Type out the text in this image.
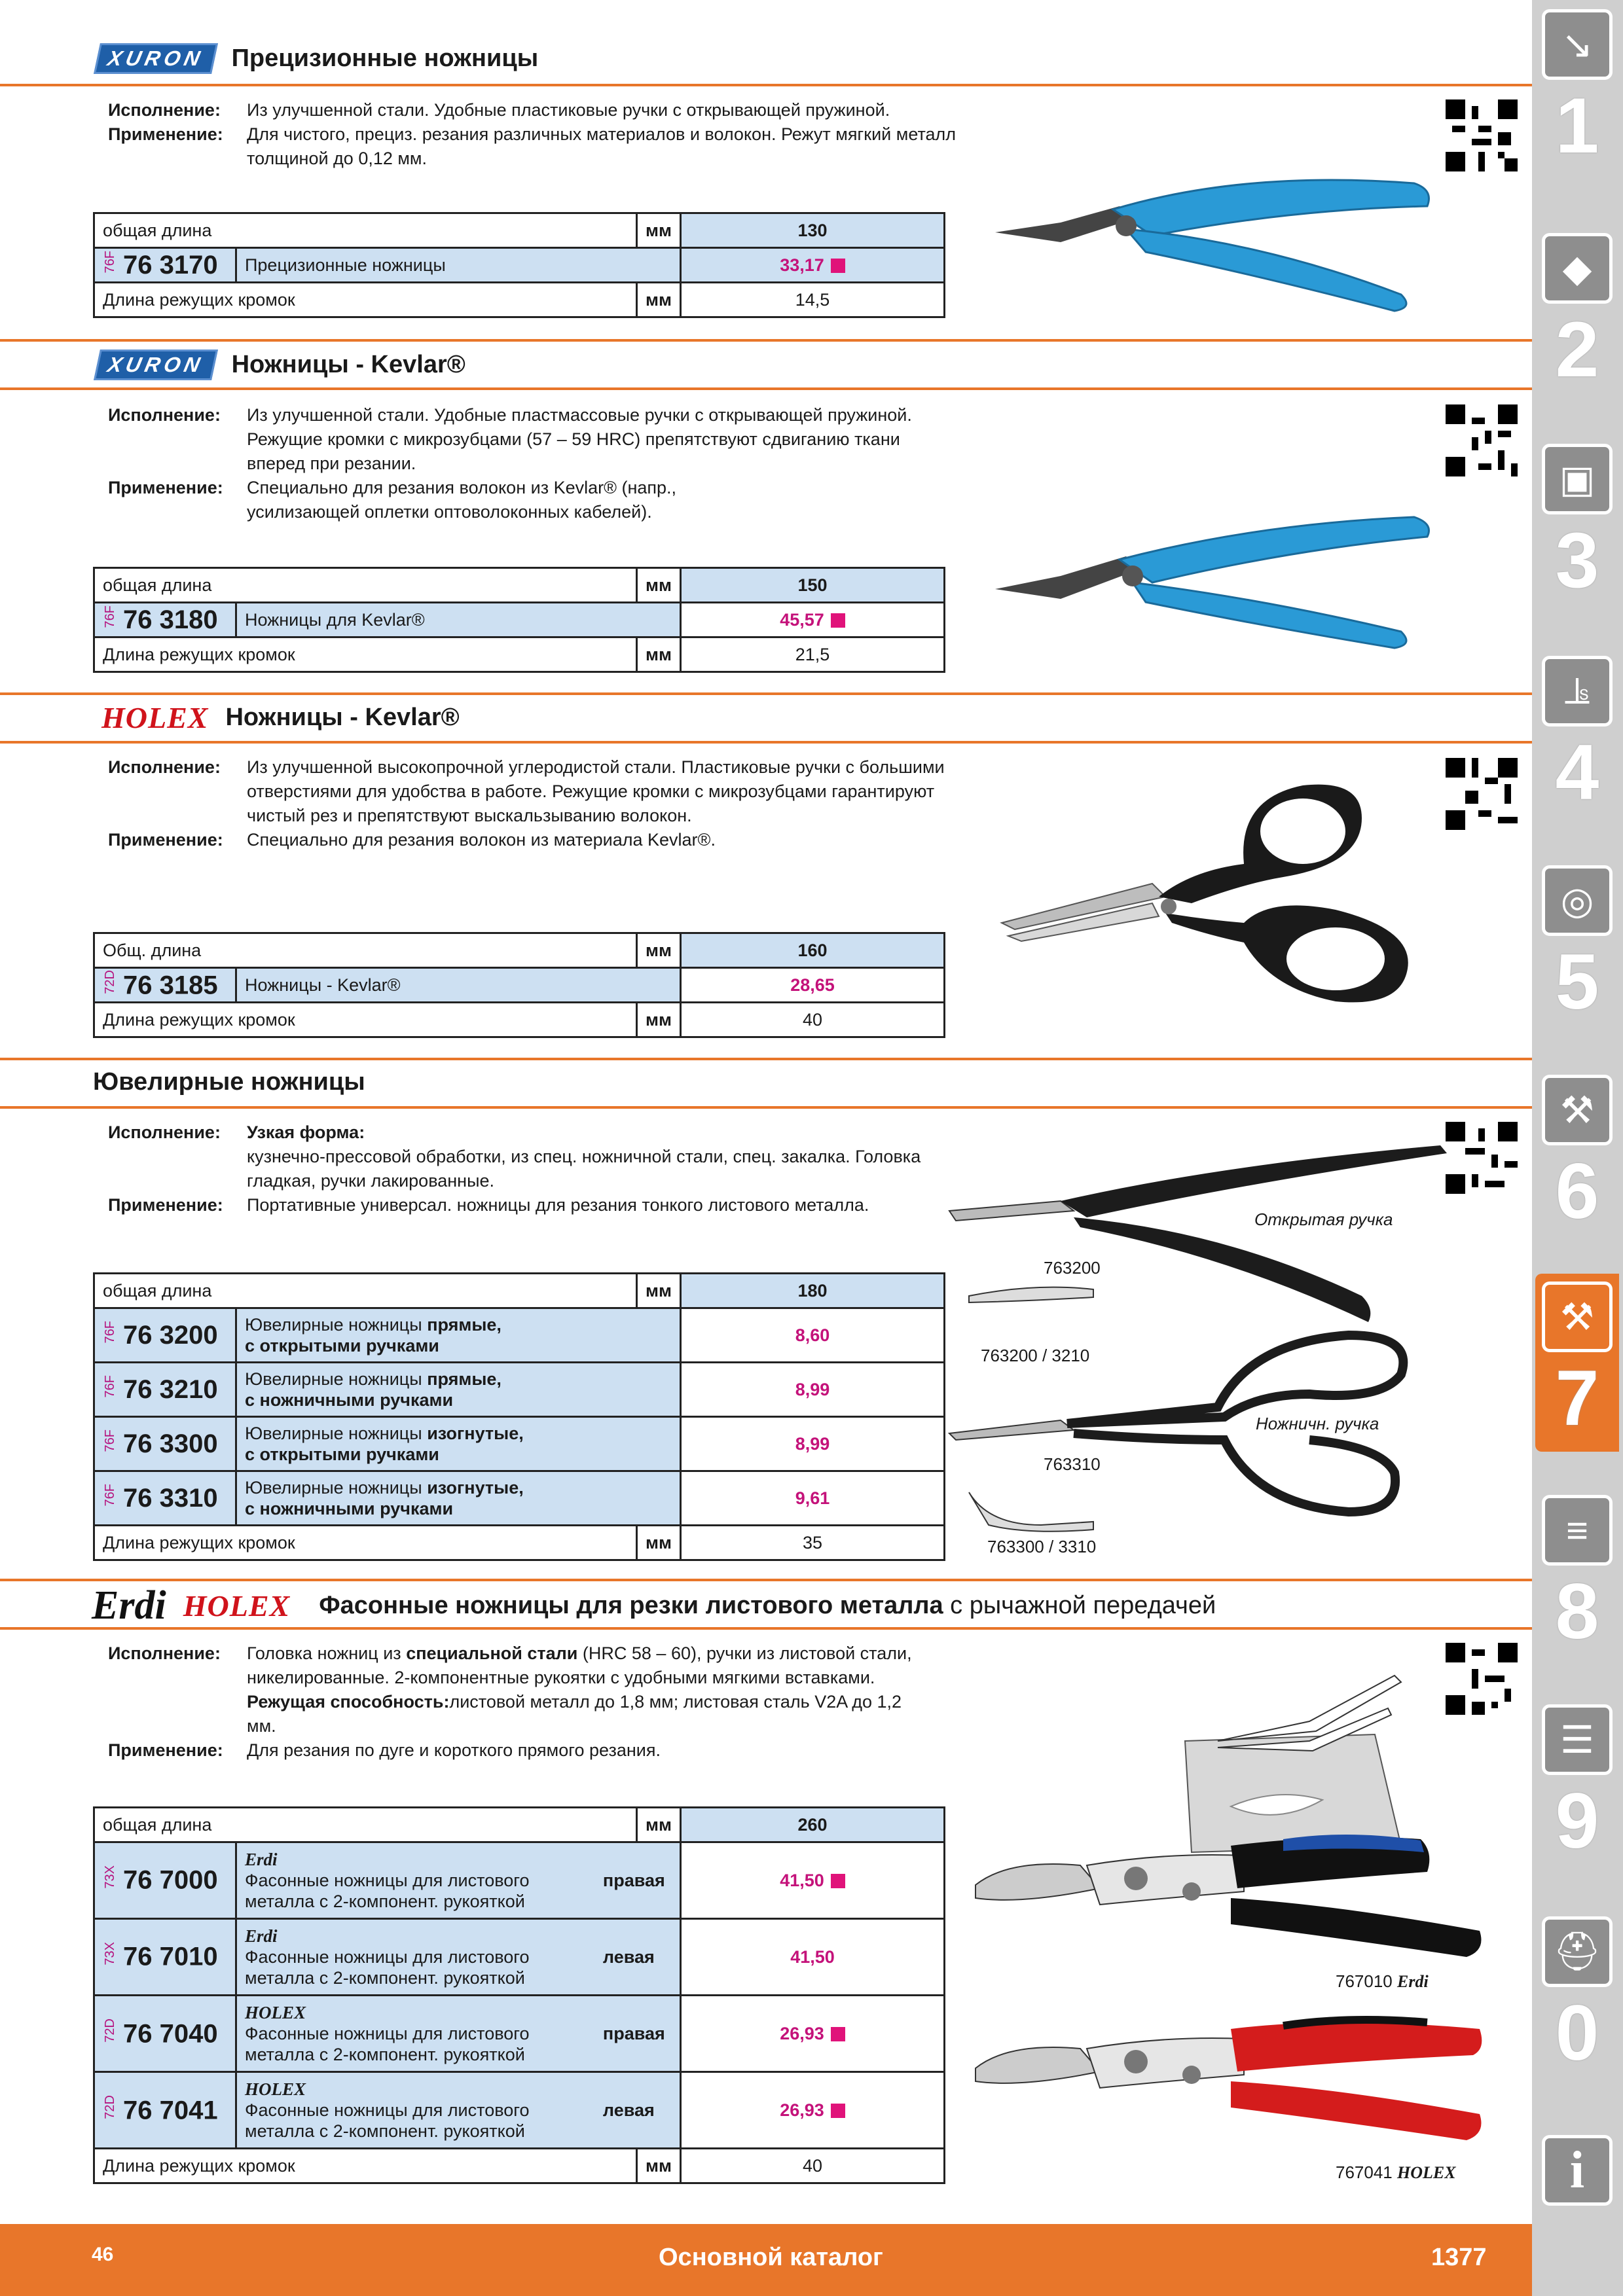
XURON	Прецизионные ножницы
Исполнение:	Из улучшенной стали. Удобные пластиковые ручки с открывающей пружиной.
Применение:	Для чистого, прециз. резания различных материалов и волокон. Режут мягкий металл толщиной до 0,12 мм.
общая длина		мм	130
76F 76 3170	Прецизионные ножницы		33,17
Длина режущих кромок		мм	14,5
XURON	Ножницы - Kevlar®
Исполнение:	Из улучшенной стали. Удобные пластмассовые ручки с открывающей пружиной. Режущие кромки с микрозубцами (57 – 59 HRC) препятствуют сдвиганию ткани вперед при резании.
Применение:	Специально для резания волокон из Kevlar® (напр., усилизающей оплетки оптоволоконных кабелей).
общая длина		мм	150
76F 76 3180	Ножницы для Kevlar®		45,57
Длина режущих кромок		мм	21,5
HOLEX Ножницы - Kevlar®
Исполнение:	Из улучшенной высокопрочной углеродистой стали. Пластиковые ручки с большими отверстиями для удобства в работе. Режущие кромки с микрозубцами гарантируют чистый рез и препятствуют выскальзыванию волокон.
Применение:	Специально для резания волокон из материала Kevlar®.
Общ. длина		мм	160
72D 76 3185	Ножницы - Kevlar®		28,65
Длина режущих кромок		мм	40
Ювелирные ножницы
Исполнение:	Узкая форма:
кузнечно-прессовой обработки, из спец. ножничной стали, спец. закалка. Головка гладкая, ручки лакированные.
Применение:	Портативные универсал. ножницы для резания тонкого листового металла.
Открытая ручка
763200
763200 / 3210
Ножничн. ручка
763310
763300 / 3310
общая длина		мм	180
76F 76 3200	Ювелирные ножницы прямые,
с открытыми ручками		8,60
76F 76 3210	Ювелирные ножницы прямые,
с ножничными ручками		8,99
76F 76 3300	Ювелирные ножницы изогнутые,
с открытыми ручками		8,99
76F 76 3310	Ювелирные ножницы изогнутые,
с ножничными ручками		9,61
Длина режущих кромок		мм	35
Erdi HOLEX Фасонные ножницы для резки листового металла с рычажной передачей
Исполнение:	Головка ножниц из специальной стали (HRC 58 – 60), ручки из листовой стали, никелированные. 2-компонентные рукоятки с удобными мягкими вставками.
Режущая способность:листовой металл до 1,8 мм; листовая сталь V2A до 1,2 мм.
Применение:	Для резания по дуге и короткого прямого резания.
767010 Erdi
767041 HOLEX
общая длина			мм	260
73X 76 7000	Erdi
Фасонные ножницы для листового
металла с 2-компонент. рукояткой	правая		41,50
73X 76 7010	Erdi
Фасонные ножницы для листового
металла с 2-компонент. рукояткой	левая		41,50
72D 76 7040	HOLEX
Фасонные ножницы для листового
металла с 2-компонент. рукояткой	правая		26,93
72D 76 7041	HOLEX
Фасонные ножницы для листового
металла с 2-компонент. рукояткой	левая		26,93
Длина режущих кромок			мм	40
46	Основной каталог	1377
↘
1
◆
2
▣
3
⫡
4
◎
5
⚒
6
⚒
7
≡
8
☰
9
⛑
0
i
